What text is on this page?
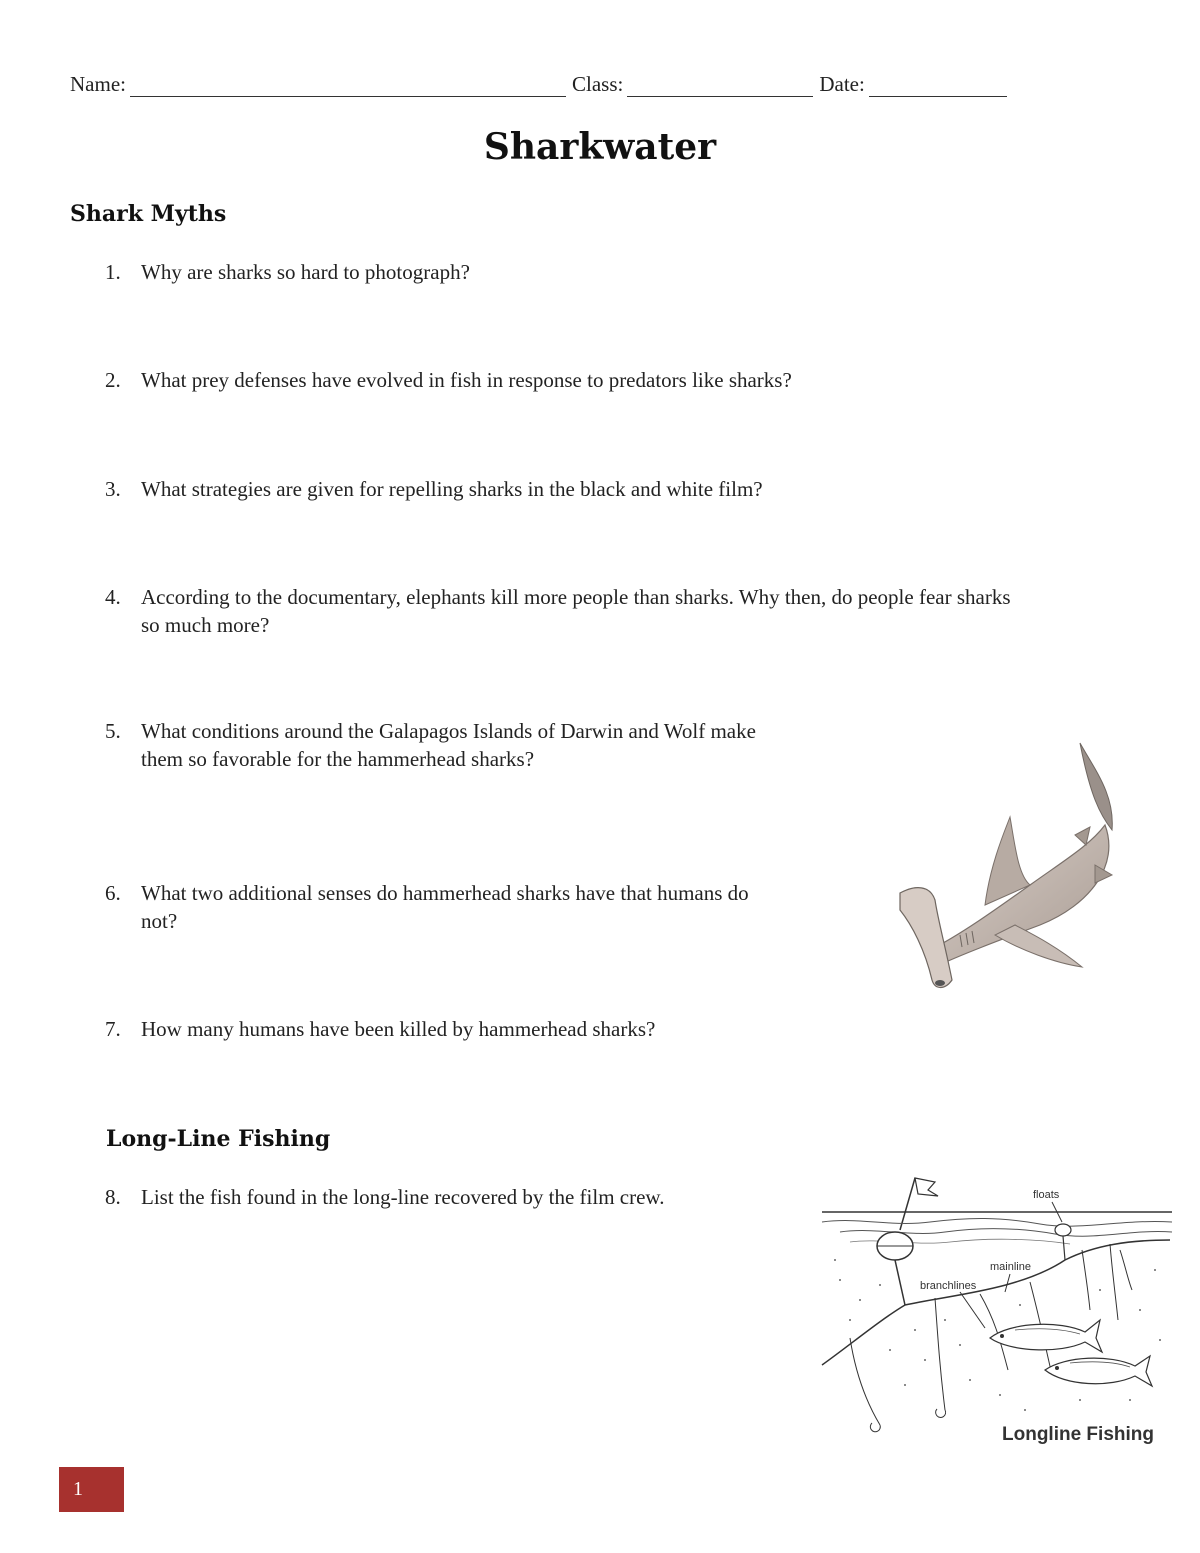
Name:	Class:	Date:
Sharkwater
Shark Myths
1. Why are sharks so hard to photograph?
2. What prey defenses have evolved in fish in response to predators like sharks?
3. What strategies are given for repelling sharks in the black and white film?
4. According to the documentary, elephants kill more people than sharks. Why then, do people fear sharks
so much more?
5. What conditions around the Galapagos Islands of Darwin and Wolf make
them so favorable for the hammerhead sharks?
6. What two additional senses do hammerhead sharks have that humans do
not?
7. How many humans have been killed by hammerhead sharks?
Long-Line Fishing
8. List the fish found in the long-line recovered by the film crew.	floats
mainline
branchlines
Longline Fishing
1
